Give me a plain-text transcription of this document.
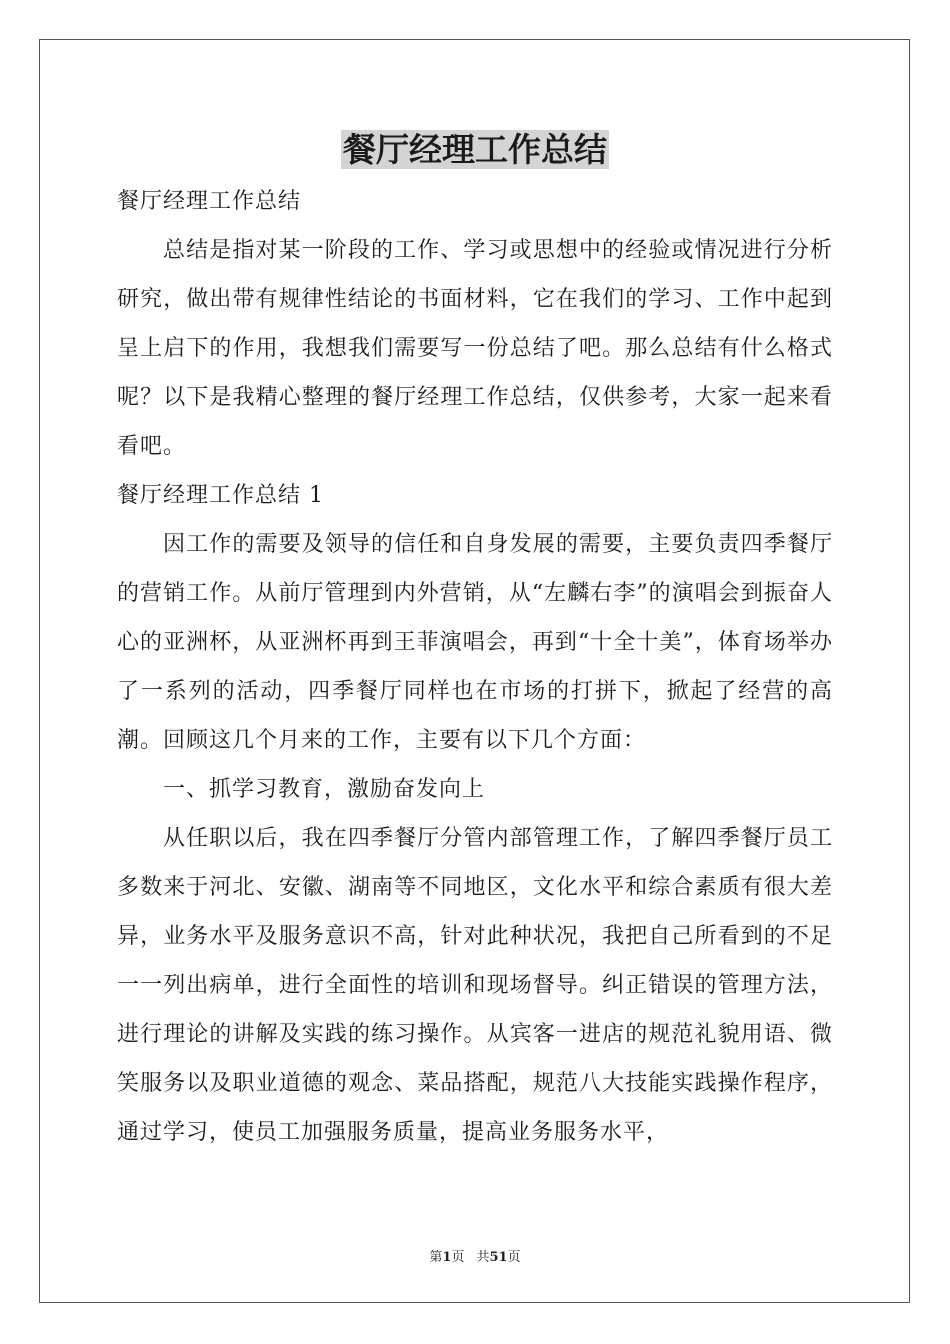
餐厅经理工作总结

餐厅经理工作总结

总结是指对某一阶段的工作、学习或思想中的经验或情况进行分析研究，做出带有规律性结论的书面材料，它在我们的学习、工作中起到呈上启下的作用，我想我们需要写一份总结了吧。那么总结有什么格式呢？以下是我精心整理的餐厅经理工作总结，仅供参考，大家一起来看看吧。

餐厅经理工作总结 1

因工作的需要及领导的信任和自身发展的需要，主要负责四季餐厅的营销工作。从前厅管理到内外营销，从“左麟右李”的演唱会到振奋人心的亚洲杯，从亚洲杯再到王菲演唱会，再到“十全十美”，体育场举办了一系列的活动，四季餐厅同样也在市场的打拼下，掀起了经营的高潮。回顾这几个月来的工作，主要有以下几个方面：

一、抓学习教育，激励奋发向上

从任职以后，我在四季餐厅分管内部管理工作，了解四季餐厅员工多数来于河北、安徽、湖南等不同地区，文化水平和综合素质有很大差异，业务水平及服务意识不高，针对此种状况，我把自己所看到的不足一一列出病单，进行全面性的培训和现场督导。纠正错误的管理方法，进行理论的讲解及实践的练习操作。从宾客一进店的规范礼貌用语、微笑服务以及职业道德的观念、菜品搭配，规范八大技能实践操作程序，通过学习，使员工加强服务质量，提高业务服务水平，

第1页 共51页
